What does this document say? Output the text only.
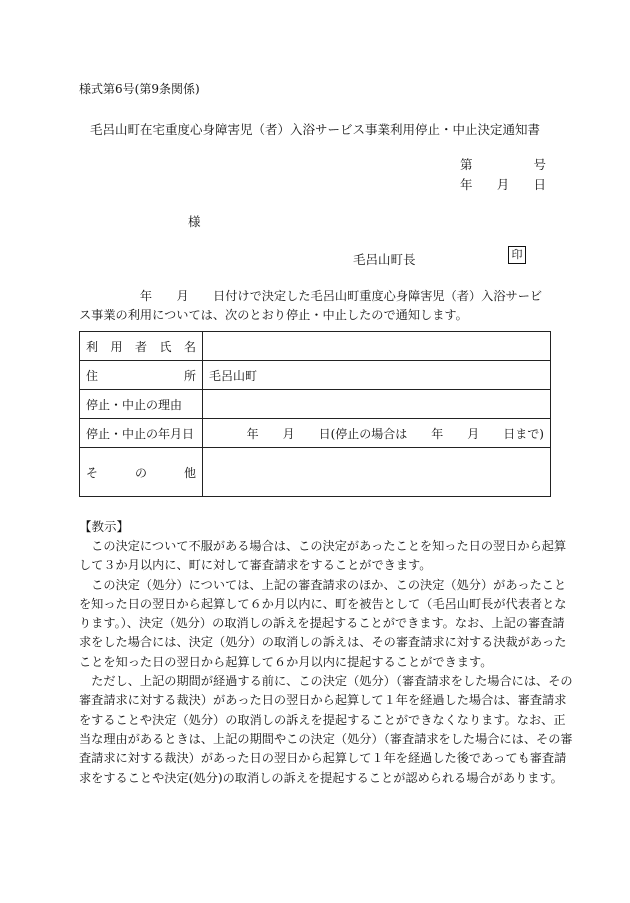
様式第6号(第9条関係)
毛呂山町在宅重度心身障害児（者）入浴サービス事業利用停止・中止決定通知書
第	号
年 月 日
様
毛呂山町長	印
　　　　　年　　月　　日付けで決定した毛呂山町重度心身障害児（者）入浴サービ
ス事業の利用については、次のとおり停止・中止したので通知します。
利 用 者 氏 名	

住 所	毛呂山町
停止・中止の理由	
停止・中止の年月日	年　　月　　日(停止の場合は　　年　　月　　日まで)

そ の 他	

【教示】
　この決定について不服がある場合は、この決定があったことを知った日の翌日から起算
して３か月以内に、町に対して審査請求をすることができます。
　この決定（処分）については、上記の審査請求のほか、この決定（処分）があったこと
を知った日の翌日から起算して６か月以内に、町を被告として（毛呂山町長が代表者とな
ります。）、決定（処分）の取消しの訴えを提起することができます。なお、上記の審査請
求をした場合には、決定（処分）の取消しの訴えは、その審査請求に対する決裁があった
ことを知った日の翌日から起算して６か月以内に提起することができます。
　ただし、上記の期間が経過する前に、この決定（処分）（審査請求をした場合には、その
審査請求に対する裁決）があった日の翌日から起算して１年を経過した場合は、審査請求
をすることや決定（処分）の取消しの訴えを提起することができなくなります。なお、正
当な理由があるときは、上記の期間やこの決定（処分）（審査請求をした場合には、その審
査請求に対する裁決）があった日の翌日から起算して１年を経過した後であっても審査請
求をすることや決定(処分)の取消しの訴えを提起することが認められる場合があります。
